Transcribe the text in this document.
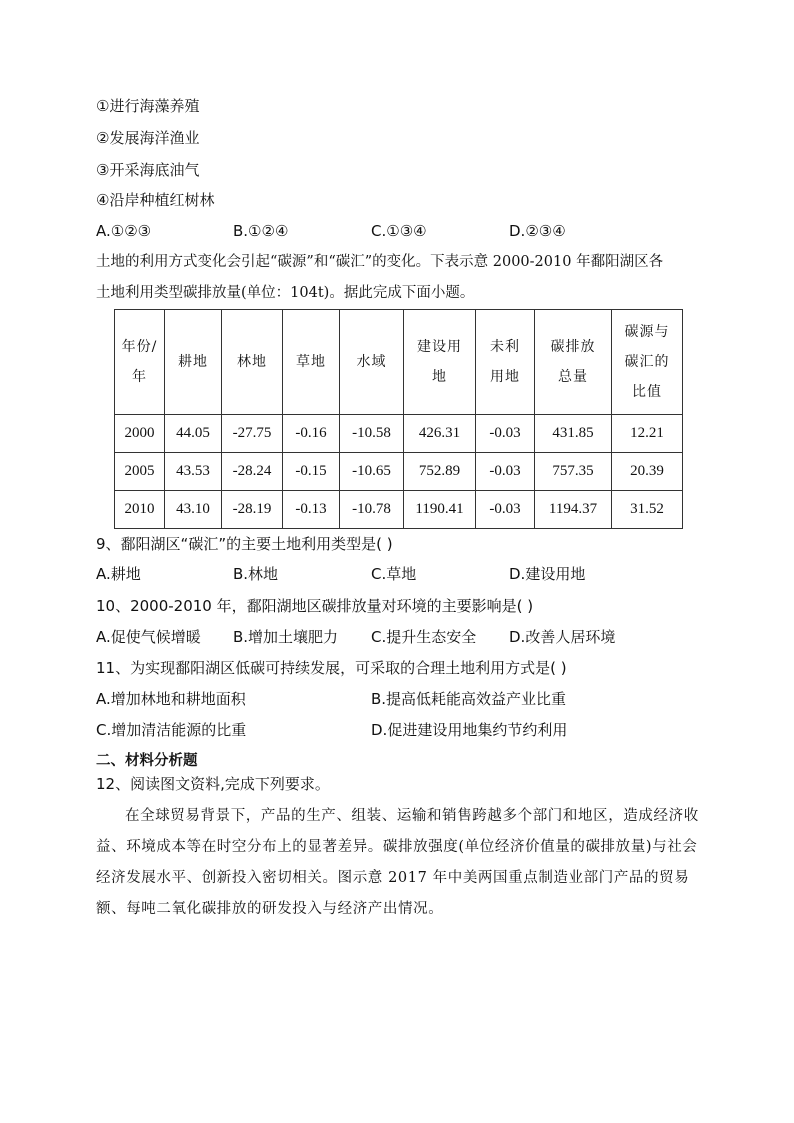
①进行海藻养殖
②发展海洋渔业
③开采海底油气
④沿岸种植红树林
A.①②③	B.①②④	C.①③④	D.②③④
土地的利用方式变化会引起“碳源”和“碳汇”的变化。下表示意 2000-2010 年鄱阳湖区各
土地利用类型碳排放量(单位：104t)。据此完成下面小题。
年份/年	耕地	林地	草地	水域	建设用地	未利用地	碳排放总量	碳源与碳汇的比值
2000	44.05	-27.75	-0.16	-10.58	426.31	-0.03	431.85	12.21
2005	43.53	-28.24	-0.15	-10.65	752.89	-0.03	757.35	20.39
2010	43.10	-28.19	-0.13	-10.78	1190.41	-0.03	1194.37	31.52
9、鄱阳湖区“碳汇”的主要土地利用类型是( )
A.耕地	B.林地	C.草地	D.建设用地
10、2000-2010 年，鄱阳湖地区碳排放量对环境的主要影响是( )
A.促使气候增暖 B.增加土壤肥力 C.提升生态安全 D.改善人居环境
11、为实现鄱阳湖区低碳可持续发展，可采取的合理土地利用方式是( )
A.增加林地和耕地面积	B.提高低耗能高效益产业比重
C.增加清洁能源的比重	D.促进建设用地集约节约利用
二、材料分析题
12、阅读图文资料,完成下列要求。
在全球贸易背景下，产品的生产、组装、运输和销售跨越多个部门和地区，造成经济收益、环境成本等在时空分布上的显著差异。碳排放强度(单位经济价值量的碳排放量)与社会经济发展水平、创新投入密切相关。图示意 2017 年中美两国重点制造业部门产品的贸易额、每吨二氧化碳排放的研发投入与经济产出情况。
